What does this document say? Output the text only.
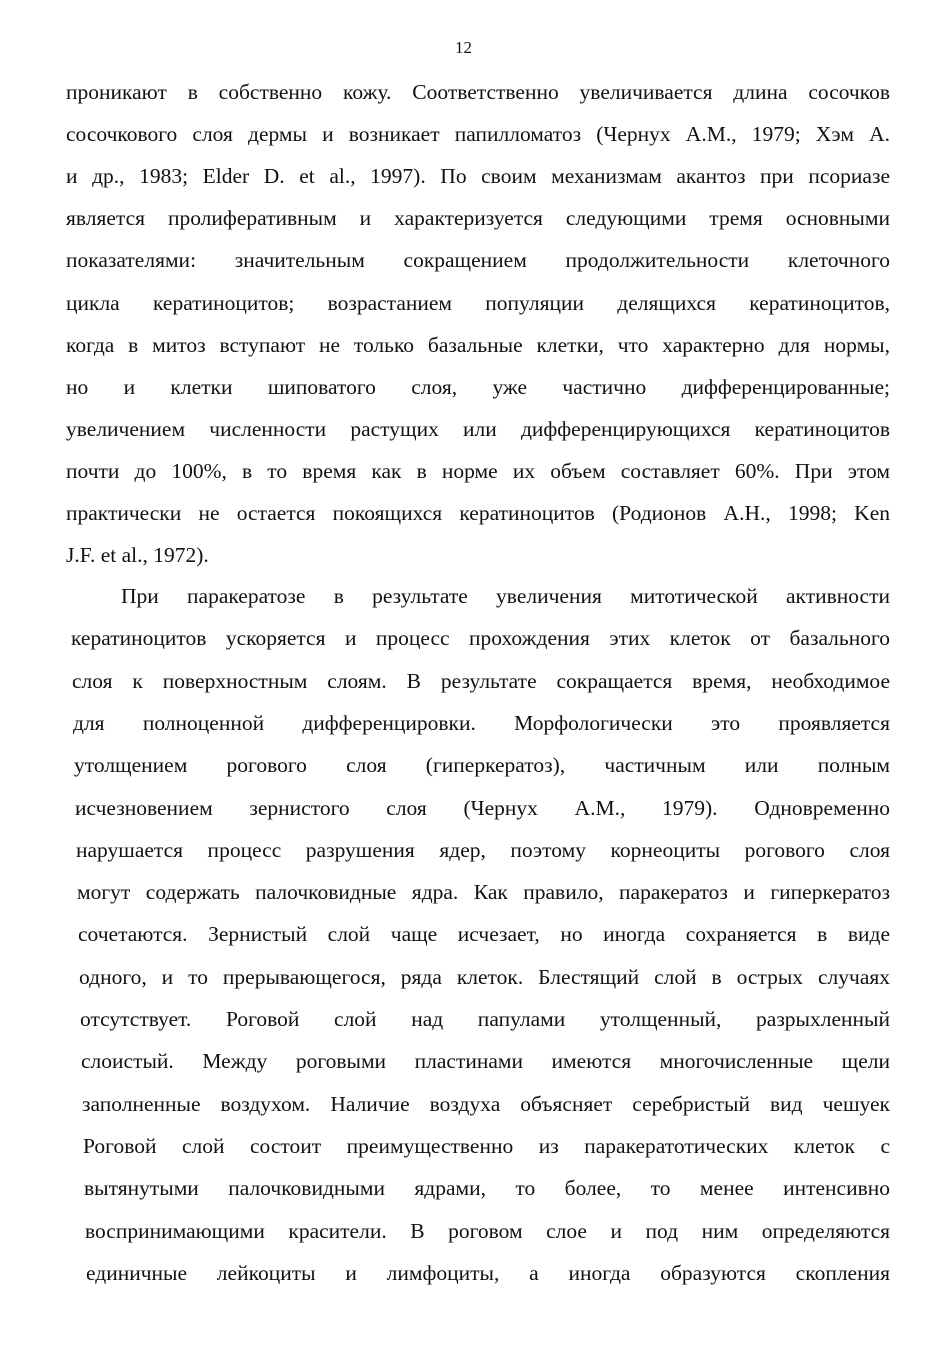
12
проникают в собственно кожу. Соответственно увеличивается длина сосочков
сосочкового слоя дермы и возникает папилломатоз (Чернух А.М., 1979; Хэм А.
и др., 1983; Elder D. et al., 1997). По своим механизмам акантоз при псориазе
является пролиферативным и характеризуется следующими тремя основными
показателями: значительным сокращением продолжительности клеточного
цикла кератиноцитов; возрастанием популяции делящихся кератиноцитов,
когда в митоз вступают не только базальные клетки, что характерно для нормы,
но и клетки шиповатого слоя, уже частично дифференцированные;
увеличением численности растущих или дифференцирующихся кератиноцитов
почти до 100%, в то время как в норме их объем составляет 60%. При этом
практически не остается покоящихся кератиноцитов (Родионов А.Н., 1998; Ken
J.F. et al., 1972).
При паракератозе в результате увеличения митотической активности
кератиноцитов ускоряется и процесс прохождения этих клеток от базального
слоя к поверхностным слоям. В результате сокращается время, необходимое
для полноценной дифференцировки. Морфологически это проявляется
утолщением рогового слоя (гиперкератоз), частичным или полным
исчезновением зернистого слоя (Чернух А.М., 1979). Одновременно
нарушается процесс разрушения ядер, поэтому корнеоциты рогового слоя
могут содержать палочковидные ядра. Как правило, паракератоз и гиперкератоз
сочетаются. Зернистый слой чаще исчезает, но иногда сохраняется в виде
одного, и то прерывающегося, ряда клеток. Блестящий слой в острых случаях
отсутствует. Роговой слой над папулами утолщенный, разрыхленный
слоистый. Между роговыми пластинами имеются многочисленные щели
заполненные воздухом. Наличие воздуха объясняет серебристый вид чешуек
Роговой слой состоит преимущественно из паракератотических клеток с
вытянутыми палочковидными ядрами, то более, то менее интенсивно
воспринимающими красители. В роговом слое и под ним определяются
единичные лейкоциты и лимфоциты, а иногда образуются скопления
